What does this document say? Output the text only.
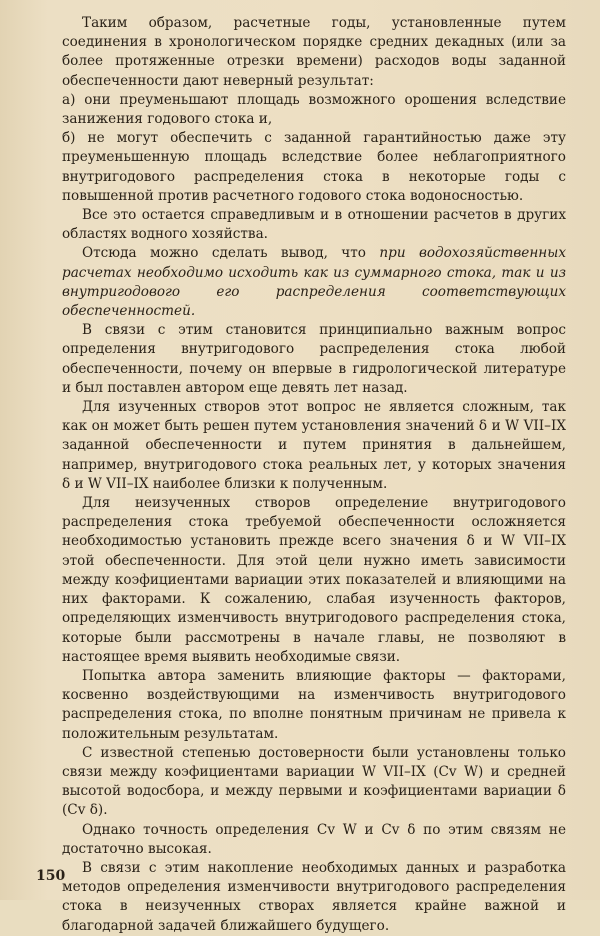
Таким образом, расчетные годы, установленные путем соединения в хронологическом порядке средних декадных (или за более протяженные отрезки времени) расходов воды заданной обеспеченности дают неверный результат:

а) они преуменьшают площадь возможного орошения вследствие занижения годового стока и,

б) не могут обеспечить с заданной гарантийностью даже эту преуменьшенную площадь вследствие более неблагоприятного внутригодового распределения стока в некоторые годы с повышенной против расчетного годового стока водоносностью.

Все это остается справедливым и в отношении расчетов в других областях водного хозяйства.

Отсюда можно сделать вывод, что при водохозяйственных расчетах необходимо исходить как из суммарного стока, так и из внутригодового его распределения соответствующих обеспеченностей.

В связи с этим становится принципиально важным вопрос определения внутригодового распределения стока любой обеспеченности, почему он впервые в гидрологической литературе и был поставлен автором еще девять лет назад.

Для изученных створов этот вопрос не является сложным, так как он может быть решен путем установления значений δ и W VII–IX заданной обеспеченности и путем принятия в дальнейшем, например, внутригодового стока реальных лет, у которых значения δ и W VII–IX наиболее близки к полученным.

Для неизученных створов определение внутригодового распределения стока требуемой обеспеченности осложняется необходимостью установить прежде всего значения δ и W VII–IX этой обеспеченности. Для этой цели нужно иметь зависимости между коэфициентами вариации этих показателей и влияющими на них факторами. К сожалению, слабая изученность факторов, определяющих изменчивость внутригодового распределения стока, которые были рассмотрены в начале главы, не позволяют в настоящее время выявить необходимые связи.

Попытка автора заменить влияющие факторы — факторами, косвенно воздействующими на изменчивость внутригодового распределения стока, по вполне понятным причинам не привела к положительным результатам.

С известной степенью достоверности были установлены только связи между коэфициентами вариации W VII–IX (Cv W) и средней высотой водосбора, и между первыми и коэфициентами вариации δ (Cv δ).

Однако точность определения Cv W и Cv δ по этим связям не достаточно высокая.

В связи с этим накопление необходимых данных и разработка методов определения изменчивости внутригодового распределения стока в неизученных створах является крайне важной и благодарной задачей ближайшего будущего.

150
